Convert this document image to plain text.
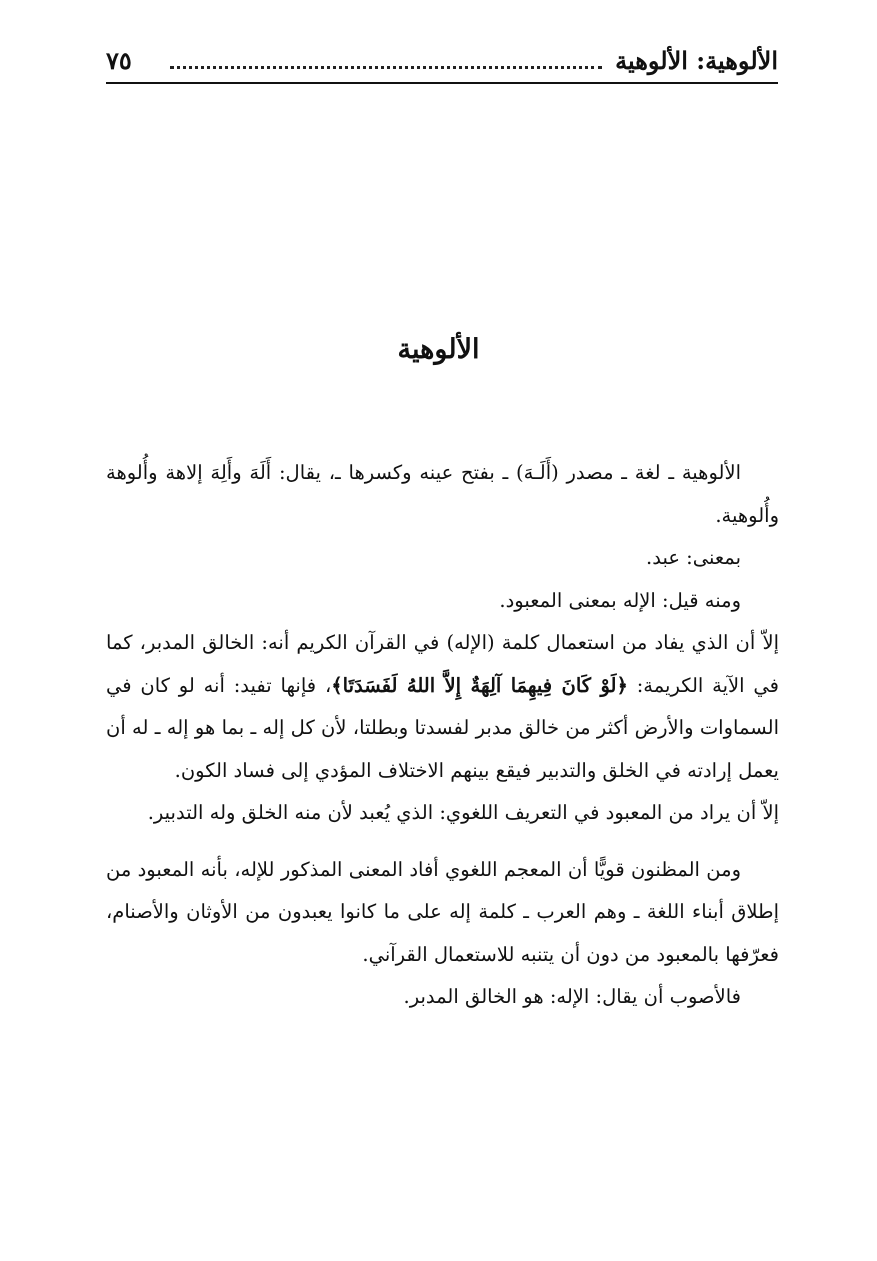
الألوهية: الألوهية
٧٥
الألوهية

الألوهية ـ لغة ـ مصدر (أَلَـهَ) ـ بفتح عينه وكسرها ـ، يقال: أَلَهَ وأَلِهَ إلاهة وأُلوهة وأُلوهية.

بمعنى: عبد.

ومنه قيل: الإله بمعنى المعبود.

إلاّ أن الذي يفاد من استعمال كلمة (الإله) في القرآن الكريم أنه: الخالق المدبر، كما في الآية الكريمة: ﴿لَوْ كَانَ فِيهِمَا آلِهَةٌ إِلاَّ اللهُ لَفَسَدَتَا﴾، فإنها تفيد: أنه لو كان في السماوات والأرض أكثر من خالق مدبر لفسدتا وبطلتا، لأن كل إله ـ بما هو إله ـ له أن يعمل إرادته في الخلق والتدبير فيقع بينهم الاختلاف المؤدي إلى فساد الكون.

إلاّ أن يراد من المعبود في التعريف اللغوي: الذي يُعبد لأن منه الخلق وله التدبير.

ومن المظنون قويًّا أن المعجم اللغوي أفاد المعنى المذكور للإله، بأنه المعبود من إطلاق أبناء اللغة ـ وهم العرب ـ كلمة إله على ما كانوا يعبدون من الأوثان والأصنام، فعرّفها بالمعبود من دون أن يتنبه للاستعمال القرآني.

فالأصوب أن يقال: الإله: هو الخالق المدبر.
